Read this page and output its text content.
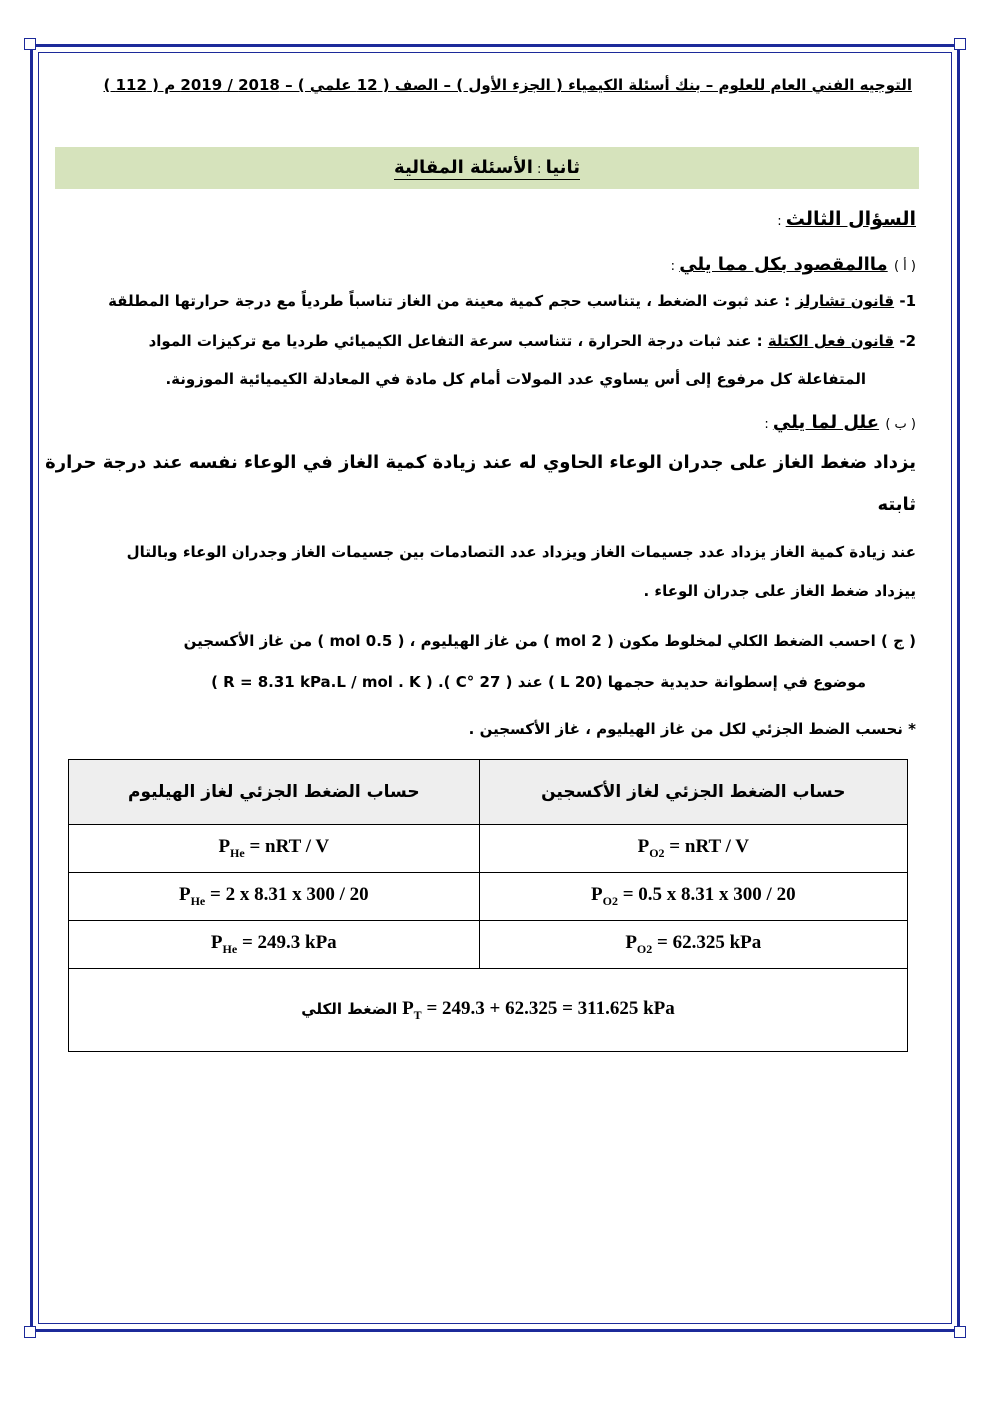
التوجيه الفني العام للعلوم – بنك أسئلة الكيمياء ( الجزء الأول ) – الصف ( 12 علمي ) – 2018 / 2019 م ( 112 )
ثانيا : الأسئلة المقالية
السؤال الثالث :
( أ ) ماالمقصود بكل مما يلي :
1- قانون تشارلز : عند ثبوت الضغط ، يتناسب حجم كمية معينة من الغاز تناسباً طردياً مع درجة حرارتها المطلقة
2- قانون فعل الكتلة : عند ثبات درجة الحرارة ، تتناسب سرعة التفاعل الكيميائي طرديا مع تركيزات المواد
المتفاعلة كل مرفوع إلى أس يساوي عدد المولات أمام كل مادة في المعادلة الكيميائية الموزونة.
( ب ) علل لما يلي :
يزداد ضغط الغاز على جدران الوعاء الحاوي له عند زيادة كمية الغاز في الوعاء نفسه عند درجة حرارة
ثابته
عند زيادة كمية الغاز يزداد عدد جسيمات الغاز ويزداد عدد التصادمات بين جسيمات الغاز وجدران الوعاء وبالتال
ييزداد ضغط الغاز على جدران الوعاء .
( ج ) احسب الضغط الكلي لمخلوط مكون ( 2 mol ) من غاز الهيليوم ، ( 0.5 mol ) من غاز الأكسجين
موضوع في إسطوانة حديدية حجمها (20 L ) عند ( 27 °C ). ( R = 8.31 kPa.L / mol . K )
* نحسب الضط الجزئي لكل من غاز الهيليوم ، غاز الأكسجين .
حساب الضغط الجزئي لغاز الأكسجين	حساب الضغط الجزئي لغاز الهيليوم
$P_{O2}$ = nRT / V	$P_{He}$ = nRT / V
$P_{O2} = 0.5$ x 8.31 x 300 / 20	$P_{He} = 2$ x 8.31 x 300 / 20
$P_{O2} = 62.325$ kPa	$P_{He} = 249.3$ kPa
$P_T = 249.3 + 62.325 = 311.625$ kPa الضغط الكلي	
